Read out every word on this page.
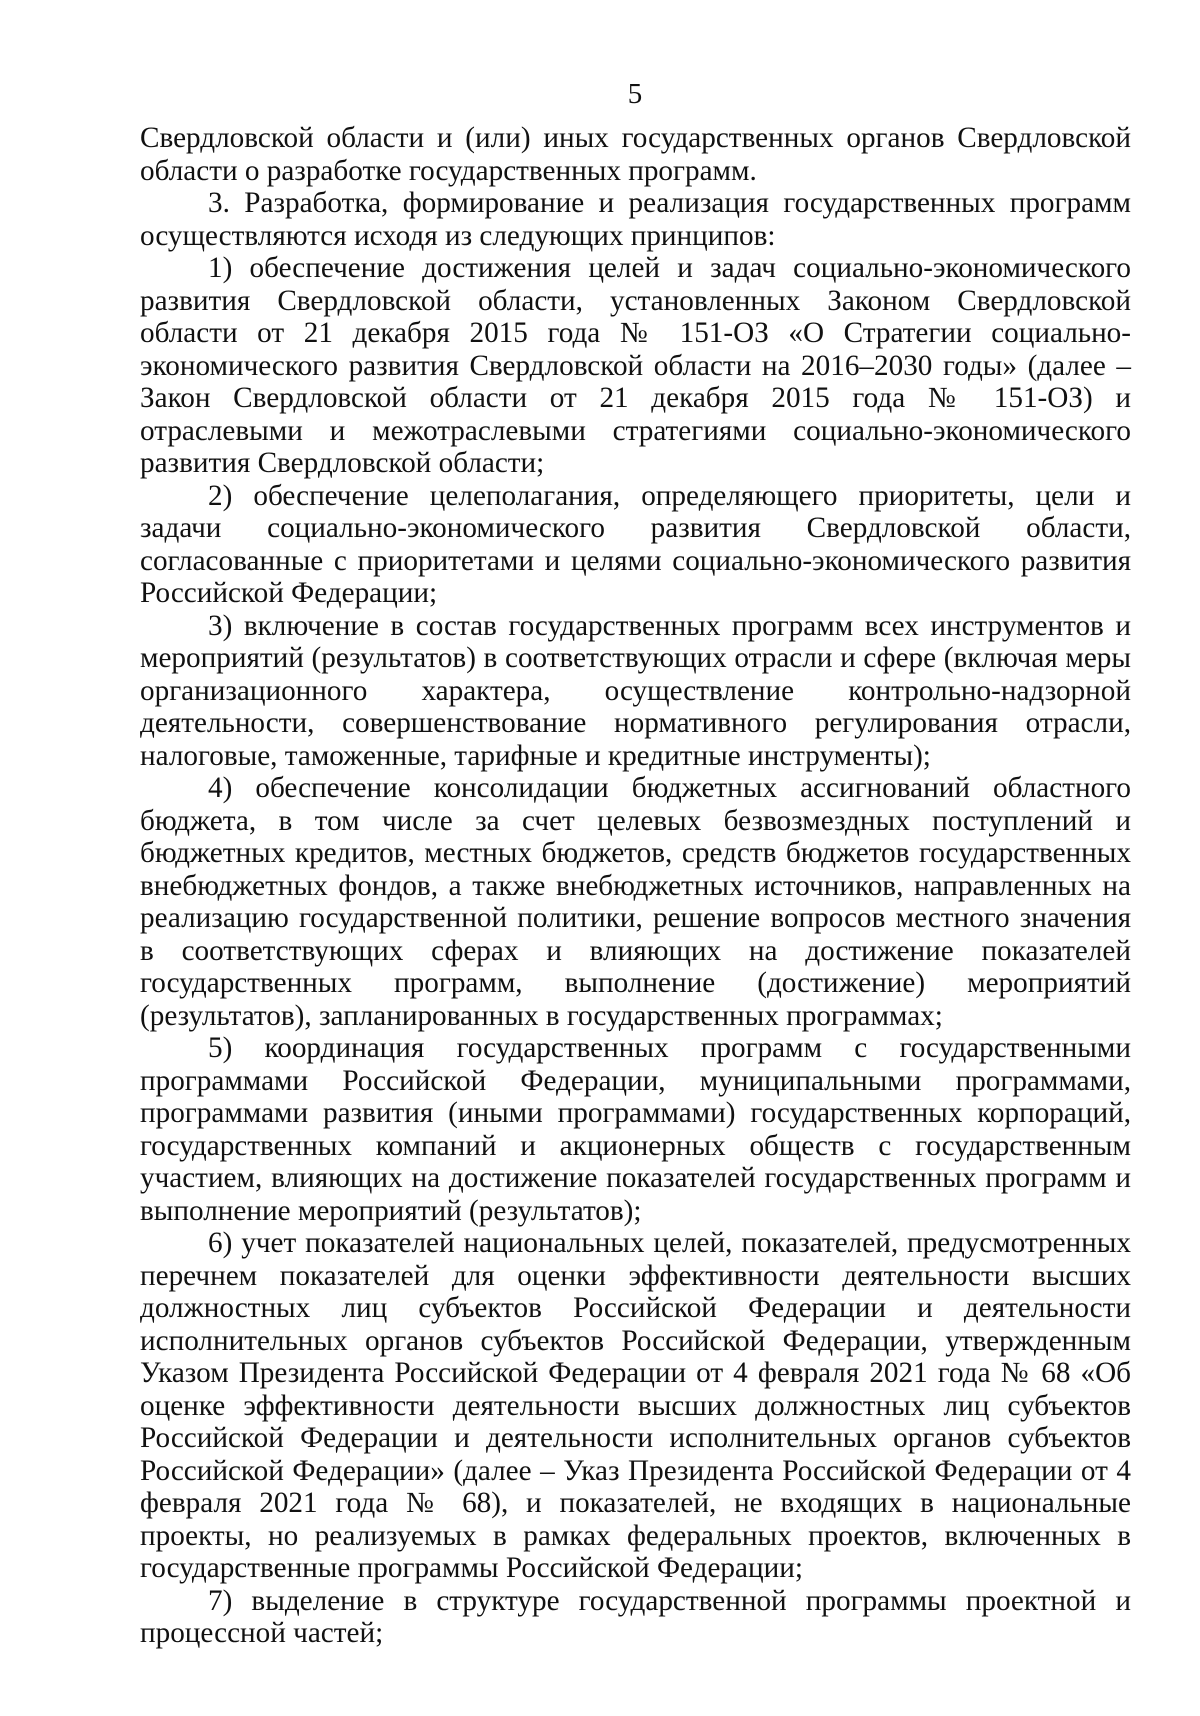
5

Свердловской области и (или) иных государственных органов Свердловской области о разработке государственных программ.

3. Разработка, формирование и реализация государственных программ осуществляются исходя из следующих принципов:

1) обеспечение достижения целей и задач социально-экономического развития Свердловской области, установленных Законом Свердловской области от 21 декабря 2015 года № 151-ОЗ «О Стратегии социально-экономического развития Свердловской области на 2016–2030 годы» (далее – Закон Свердловской области от 21 декабря 2015 года № 151-ОЗ) и отраслевыми и межотраслевыми стратегиями социально-экономического развития Свердловской области;

2) обеспечение целеполагания, определяющего приоритеты, цели и задачи социально-экономического развития Свердловской области, согласованные с приоритетами и целями социально-экономического развития Российской Федерации;

3) включение в состав государственных программ всех инструментов и мероприятий (результатов) в соответствующих отрасли и сфере (включая меры организационного характера, осуществление контрольно-надзорной деятельности, совершенствование нормативного регулирования отрасли, налоговые, таможенные, тарифные и кредитные инструменты);

4) обеспечение консолидации бюджетных ассигнований областного бюджета, в том числе за счет целевых безвозмездных поступлений и бюджетных кредитов, местных бюджетов, средств бюджетов государственных внебюджетных фондов, а также внебюджетных источников, направленных на реализацию государственной политики, решение вопросов местного значения в соответствующих сферах и влияющих на достижение показателей государственных программ, выполнение (достижение) мероприятий (результатов), запланированных в государственных программах;

5) координация государственных программ с государственными программами Российской Федерации, муниципальными программами, программами развития (иными программами) государственных корпораций, государственных компаний и акционерных обществ с государственным участием, влияющих на достижение показателей государственных программ и выполнение мероприятий (результатов);

6) учет показателей национальных целей, показателей, предусмотренных перечнем показателей для оценки эффективности деятельности высших должностных лиц субъектов Российской Федерации и деятельности исполнительных органов субъектов Российской Федерации, утвержденным Указом Президента Российской Федерации от 4 февраля 2021 года № 68 «Об оценке эффективности деятельности высших должностных лиц субъектов Российской Федерации и деятельности исполнительных органов субъектов Российской Федерации» (далее – Указ Президента Российской Федерации от 4 февраля 2021 года № 68), и показателей, не входящих в национальные проекты, но реализуемых в рамках федеральных проектов, включенных в государственные программы Российской Федерации;

7) выделение в структуре государственной программы проектной и процессной частей;
